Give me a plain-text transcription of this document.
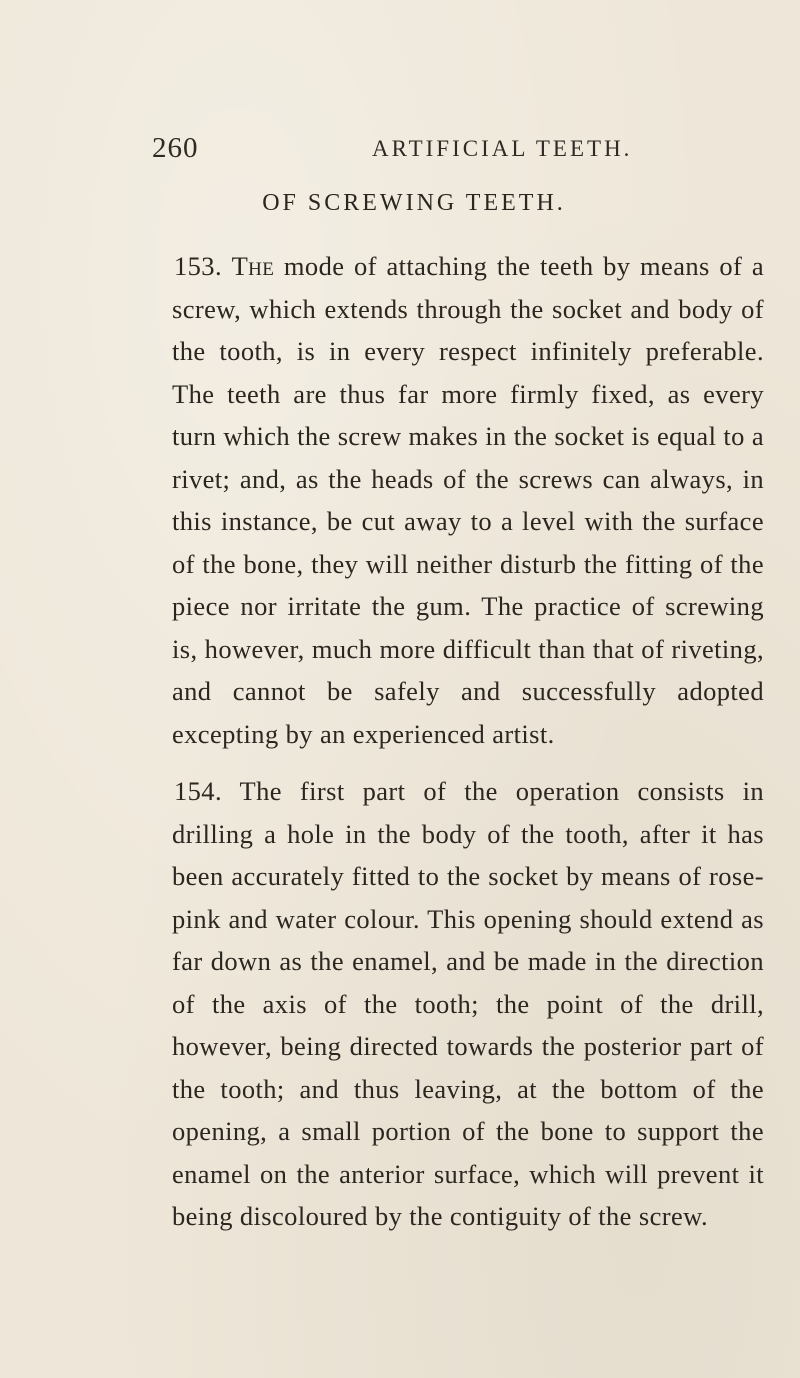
260	ARTIFICIAL TEETH.
OF SCREWING TEETH.

153. The mode of attaching the teeth by means of a screw, which extends through the socket and body of the tooth, is in every respect infinitely preferable. The teeth are thus far more firmly fixed, as every turn which the screw makes in the socket is equal to a rivet; and, as the heads of the screws can always, in this instance, be cut away to a level with the surface of the bone, they will neither disturb the fitting of the piece nor irritate the gum. The practice of screwing is, however, much more difficult than that of riveting, and cannot be safely and successfully adopted excepting by an experienced artist.

154. The first part of the operation consists in drilling a hole in the body of the tooth, after it has been accurately fitted to the socket by means of rose-pink and water colour. This opening should extend as far down as the enamel, and be made in the direction of the axis of the tooth; the point of the drill, however, being directed towards the posterior part of the tooth; and thus leaving, at the bottom of the opening, a small portion of the bone to support the enamel on the anterior surface, which will prevent it being discoloured by the contiguity of the screw.
